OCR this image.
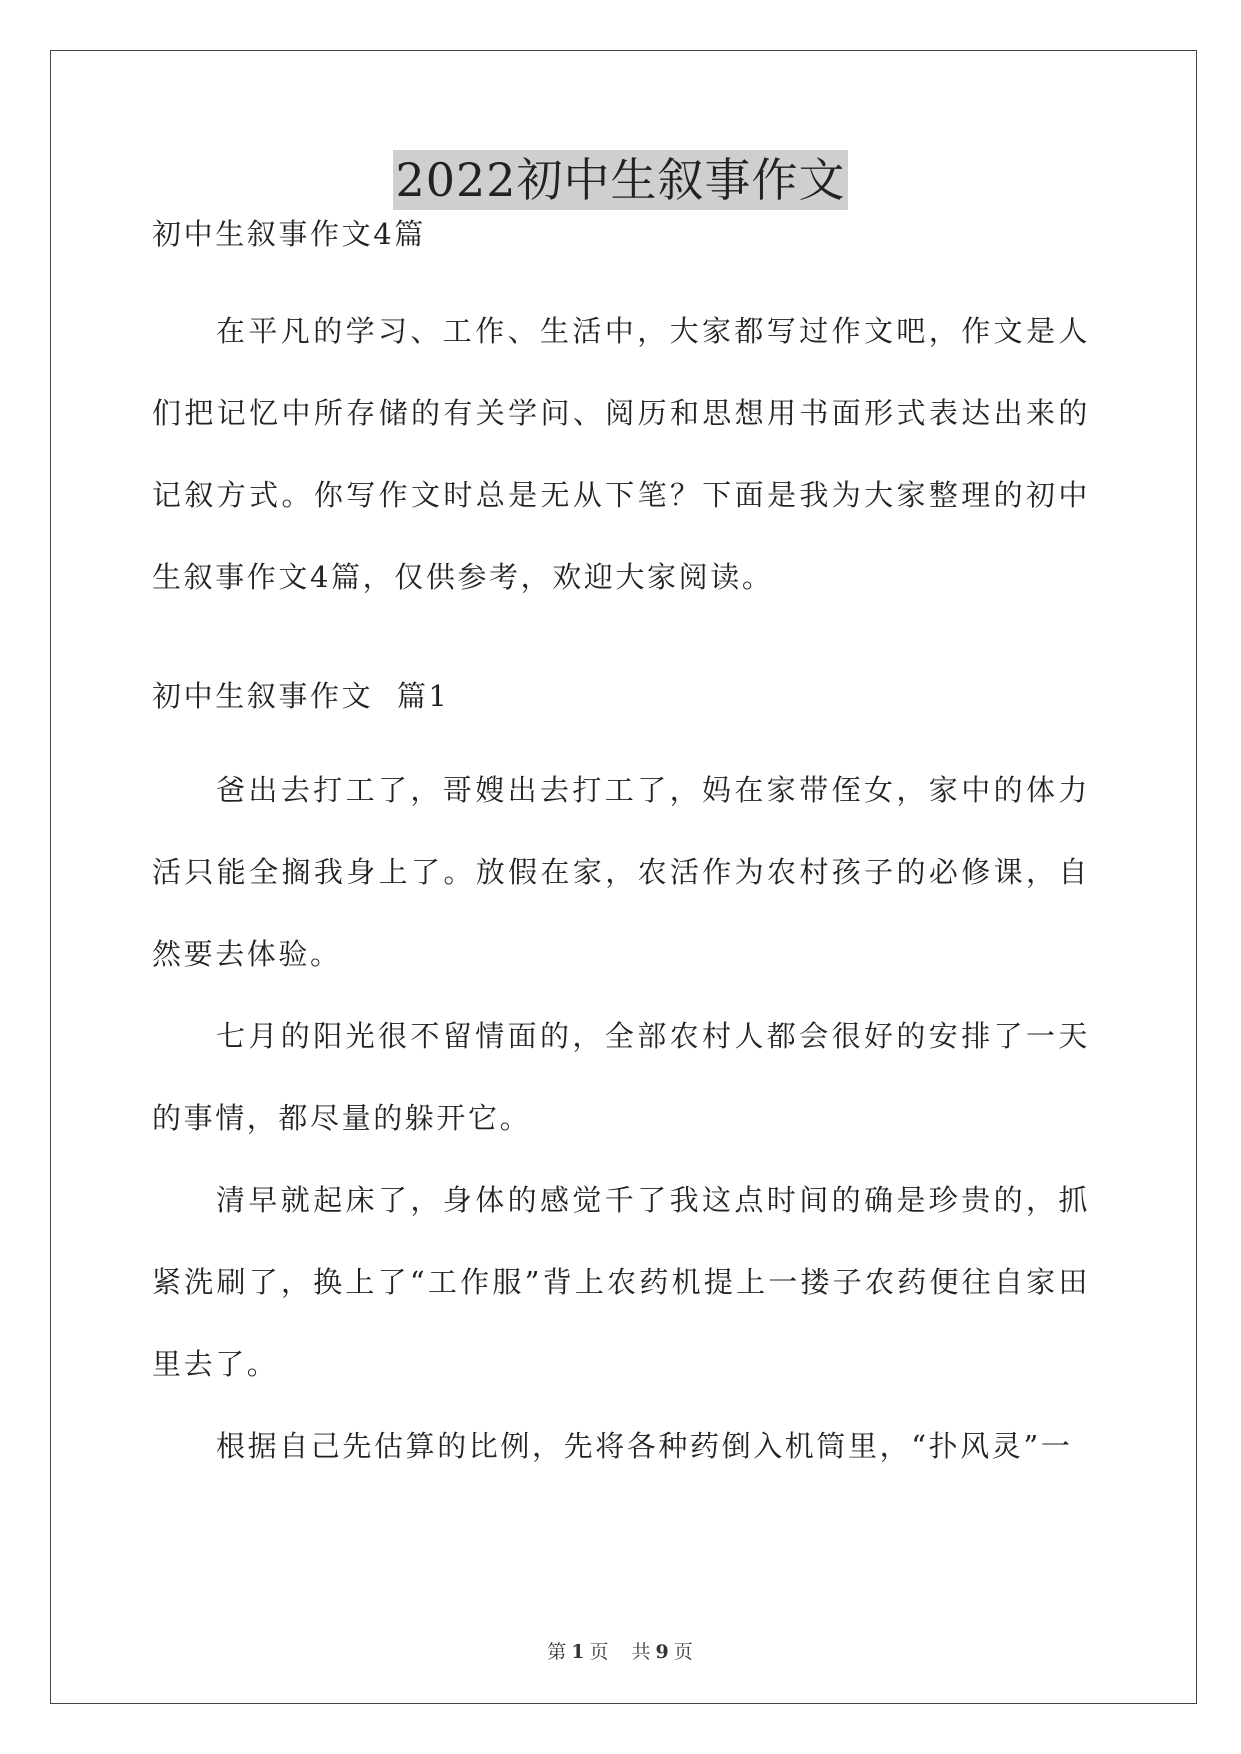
2022初中生叙事作文

初中生叙事作文4篇

在平凡的学习、工作、生活中，大家都写过作文吧，作文是人们把记忆中所存储的有关学问、阅历和思想用书面形式表达出来的记叙方式。你写作文时总是无从下笔？下面是我为大家整理的初中生叙事作文4篇，仅供参考，欢迎大家阅读。

初中生叙事作文  篇1

爸出去打工了，哥嫂出去打工了，妈在家带侄女，家中的体力活只能全搁我身上了。放假在家，农活作为农村孩子的必修课，自然要去体验。

七月的阳光很不留情面的，全部农村人都会很好的安排了一天的事情，都尽量的躲开它。

清早就起床了，身体的感觉千了我这点时间的确是珍贵的，抓紧洗刷了，换上了“工作服”背上农药机提上一搂子农药便往自家田里去了。

根据自己先估算的比例，先将各种药倒入机筒里，“扑风灵”一

第 1 页 共 9 页
